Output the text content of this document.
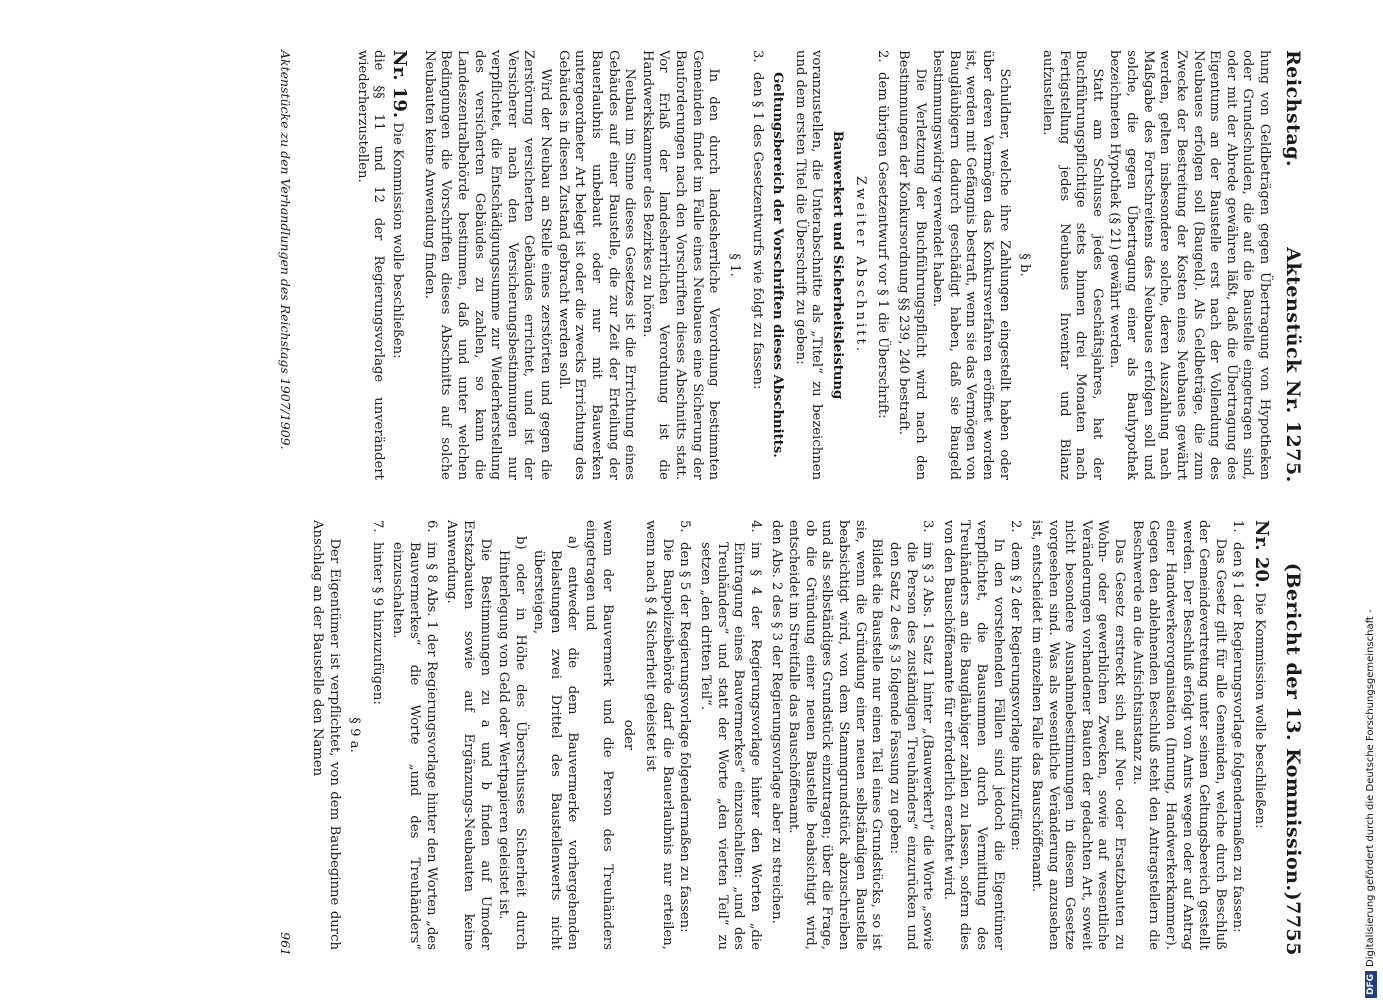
Reichstag.
Aktenstück Nr. 1275.
(Bericht der 13. Kommission.)
7755

hung von Geldbeträgen gegen Übertragung von Hypotheken oder Grundschulden, die auf die Baustelle eingetragen sind, oder mit der Abrede gewähren läßt, daß die Übertragung des Eigentums an der Baustelle erst nach der Vollendung des Neubaues erfolgen soll (Baugeld). Als Geldbeträge, die zum Zwecke der Bestreitung der Kosten eines Neubaues gewährt werden, gelten insbesondere solche, deren Auszahlung nach Maßgabe des Fortschreitens des Neubaues erfolgen soll und solche, die gegen Übertragung einer als Bauhypothek bezeichneten Hypothek (§ 21) gewährt werden.

Statt am Schlusse jedes Geschäftsjahres, hat der Buchführungspflichtige stets binnen drei Monaten nach Fertigstellung jedes Neubaues Inventar und Bilanz aufzustellen.

§ b.

Schuldner, welche ihre Zahlungen eingestellt haben oder über deren Vermögen das Konkursverfahren eröffnet worden ist, werden mit Gefängnis bestraft, wenn sie das Vermögen von Baugläubigern dadurch geschädigt haben, daß sie Baugeld bestimmungswidrig verwendet haben.

Die Verletzung der Buchführungspflicht wird nach den Bestimmungen der Konkursordnung §§ 239, 240 bestraft.

2.
dem übrigen Gesetzentwurf vor § 1 die Überschrift:

Zweiter Abschnitt.

Bauwerkert und Sicherheitsleistung

voranzustellen, die Unterabschnitte als „Titel“ zu bezeichnen und dem ersten Titel die Überschrift zu geben:

Geltungsbereich der Vorschriften dieses Abschnitts.

3.
den § 1 des Gesetzentwurfs wie folgt zu fassen:

§ 1.

In den durch landesherrliche Verordnung bestimmten Gemeinden findet im Falle eines Neubaues eine Sicherung der Bauforderungen nach den Vorschriften dieses Abschnitts statt. Vor Erlaß der landesherrlichen Verordnung ist die Handwerkskammer des Bezirkes zu hören.

Neubau im Sinne dieses Gesetzes ist die Errichtung eines Gebäudes auf einer Baustelle, die zur Zeit der Erteilung der Bauerlaubnis unbebaut oder nur mit Bauwerken untergeordneter Art belegt ist oder die zwecks Errichtung des Gebäudes in diesen Zustand gebracht werden soll.

Wird der Neubau an Stelle eines zerstörten und gegen die Zerstörung versicherten Gebäudes errichtet, und ist der Versicherer nach den Versicherungsbestimmungen nur verpflichtet, die Entschädigungssumme zur Wiederherstellung des versicherten Gebäudes zu zahlen, so kann die Landeszentralbehörde bestimmen, daß und unter welchen Bedingungen die Vorschriften dieses Abschnitts auf solche Neubauten keine Anwendung finden.

Nr. 19. Die Kommission wolle beschließen:

die §§ 11 und 12 der Regierungsvorlage unverändert wiederherzustellen.

Nr. 20. Die Kommission wolle beschließen:

1.
den § 1 der Regierungsvorlage folgendermaßen zu fassen:

Das Gesetz gilt für alle Gemeinden, welche durch Beschluß der Gemeindevertretung unter seinen Geltungsbereich gestellt werden. Der Beschluß erfolgt von Amts wegen oder auf Antrag einer Handwerkerorganisation (Innung, Handwerkerkammer). Gegen den ablehnenden Beschluß steht den Antragstellern die Beschwerde an die Aufsichtsinstanz zu.

Das Gesetz erstreckt sich auf Neu- oder Ersatzbauten zu Wohn- oder gewerblichen Zwecken, sowie auf wesentliche Veränderungen vorhandener Bauten der gedachten Art, soweit nicht besondere Ausnahmebestimmungen in diesem Gesetze vorgesehen sind. Was als wesentliche Veränderung anzusehen ist, entscheidet im einzelnen Falle das Bauschöffenamt.

2.
dem § 2 der Regierungsvorlage hinzuzufügen:

In den vorstehenden Fällen sind jedoch die Eigentümer verpflichtet, die Bausummen durch Vermittlung des Treuhänders an die Baugläubiger zahlen zu lassen, sofern dies von den Bauschöffenamte für erforderlich erachtet wird.

3.
im § 3 Abs. 1 Satz 1 hinter „(Bauwerkert)“ die Worte „sowie die Person des zuständigen Treuhänders“ einzurücken und den Satz 2 des § 3 folgende Fassung zu geben:

Bildet die Baustelle nur einen Teil eines Grundstücks, so ist sie, wenn die Gründung einer neuen selbständigen Baustelle beabsichtigt wird, von dem Stammgrundstück abzuschreiben und als selbständiges Grundstück einzutragen; über die Frage, ob die Gründung einer neuen Baustelle beabsichtigt wird, entscheidet im Streitfalle das Bauschöffenamt.

den Abs. 2 des § 3 der Regierungsvorlage aber zu streichen.

4.
im § 4 der Regierungsvorlage hinter den Worten „die Eintragung eines Bauvermerkes“ einzuschalten: „und des Treuhänders“ und statt der Worte „den vierten Teil“ zu setzen „den dritten Teil“.
5.
den § 5 der Regierungsvorlage folgendermaßen zu fassen:

Die Baupolizeibehörde darf die Bauerlaubnis nur erteilen, wenn nach § 4 Sicherheit geleistet ist

oder

wenn der Bauvermerk und die Person des Treuhänders eingetragen und

a) entweder die dem Bauvermerke vorhergehenden Belastungen zwei Drittel des Baustellenwerts nicht übersteigen,

b) oder in Höhe des Überschusses Sicherheit durch Hinterlegung von Geld oder Wertpapieren geleistet ist.

Die Bestimmungen zu a und b finden auf Umoder Erstazbauten sowie auf Ergänzungs-Neubauten keine Anwendung.

6.
im § 8 Abs. 1 der Regierungsvorlage hinter den Worten „des Bauvermerkes“ die Worte „und des Treuhänders“ einzuschalten.
7.
hinter § 9 hinzuzufügen:

§ 9 a.

Der Eigentümer ist verpflichtet, von dem Baubeginne durch Anschlag an der Baustelle den Namen

Aktenstücke zu den Verhandlungen des Reichstags 1907/1909.
961
DFGDigitalisierung gefördert durch die Deutsche Forschungsgemeinschaft -
